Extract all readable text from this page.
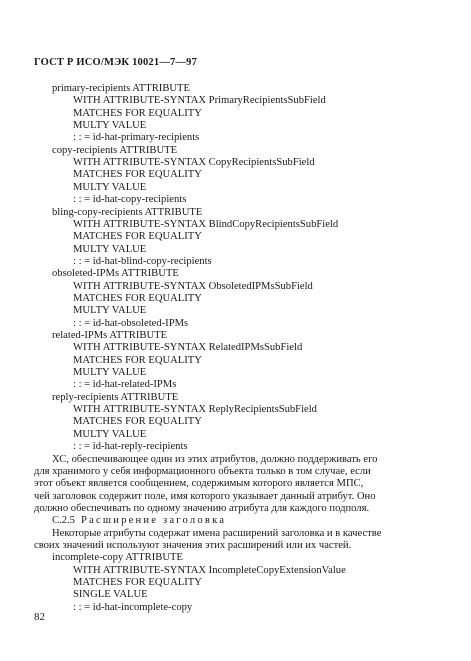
ГОСТ Р ИСО/МЭК 10021—7—97
primary-recipients ATTRIBUTE
WITH ATTRIBUTE-SYNTAX PrimaryRecipientsSubField
MATCHES FOR EQUALITY
MULTY VALUE
: : = id-hat-primary-recipients
copy-recipients ATTRIBUTE
WITH ATTRIBUTE-SYNTAX CopyRecipientsSubField
MATCHES FOR EQUALITY
MULTY VALUE
: : = id-hat-copy-recipients
bling-copy-recipients ATTRIBUTE
WITH ATTRIBUTE-SYNTAX BlindCopyRecipientsSubField
MATCHES FOR EQUALITY
MULTY VALUE
: : = id-hat-blind-copy-recipients
obsoleted-IPMs ATTRIBUTE
WITH ATTRIBUTE-SYNTAX ObsoletedIPMsSubField
MATCHES FOR EQUALITY
MULTY VALUE
: : = id-hat-obsoleted-IPMs
related-IPMs ATTRIBUTE
WITH ATTRIBUTE-SYNTAX RelatedIPMsSubField
MATCHES FOR EQUALITY
MULTY VALUE
: : = id-hat-related-IPMs
reply-recipients ATTRIBUTE
WITH ATTRIBUTE-SYNTAX ReplyRecipientsSubField
MATCHES FOR EQUALITY
MULTY VALUE
: : = id-hat-reply-recipients
ХС, обеспечивающее один из этих атрибутов, должно поддерживать его
для хранимого у себя информационного объекта только в том случае, если
этот объект является сообщением, содержимым которого является МПС,
чей заголовок содержит поле, имя которого указывает данный атрибут. Оно
должно обеспечивать по одному значению атрибута для каждого подполя.
C.2.5 Расширение заголовка
Некоторые атрибуты содержат имена расширений заголовка и в качестве
своих значений используют значения этих расширений или их частей.
incomplete-copy ATTRIBUTE
WITH ATTRIBUTE-SYNTAX IncompleteCopyExtensionValue
MATCHES FOR EQUALITY
SINGLE VALUE
: : = id-hat-incomplete-copy
82
